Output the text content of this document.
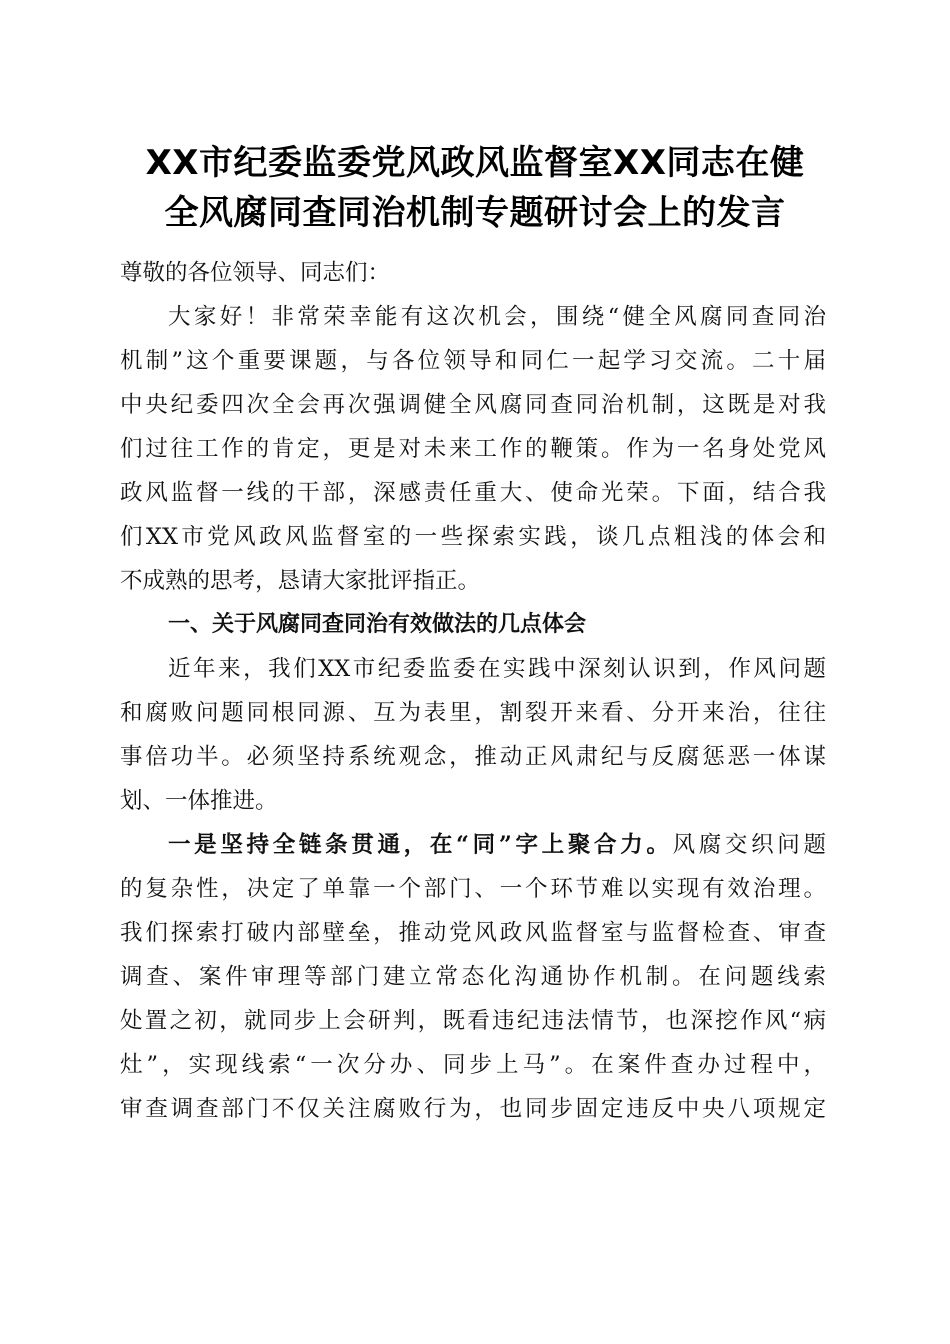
XX市纪委监委党风政风监督室XX同志在健
全风腐同查同治机制专题研讨会上的发言
尊敬的各位领导、同志们：
大家好！非常荣幸能有这次机会，围绕“健全风腐同查同治
机制”这个重要课题，与各位领导和同仁一起学习交流。二十届
中央纪委四次全会再次强调健全风腐同查同治机制，这既是对我
们过往工作的肯定，更是对未来工作的鞭策。作为一名身处党风
政风监督一线的干部，深感责任重大、使命光荣。下面，结合我
们XX市党风政风监督室的一些探索实践，谈几点粗浅的体会和
不成熟的思考，恳请大家批评指正。
一、关于风腐同查同治有效做法的几点体会
近年来，我们XX市纪委监委在实践中深刻认识到，作风问题
和腐败问题同根同源、互为表里，割裂开来看、分开来治，往往
事倍功半。必须坚持系统观念，推动正风肃纪与反腐惩恶一体谋
划、一体推进。
一是坚持全链条贯通，在“同”字上聚合力。风腐交织问题
的复杂性，决定了单靠一个部门、一个环节难以实现有效治理。
我们探索打破内部壁垒，推动党风政风监督室与监督检查、审查
调查、案件审理等部门建立常态化沟通协作机制。在问题线索
处置之初，就同步上会研判，既看违纪违法情节，也深挖作风“病
灶”，实现线索“一次分办、同步上马”。在案件查办过程中，
审查调查部门不仅关注腐败行为，也同步固定违反中央八项规定
